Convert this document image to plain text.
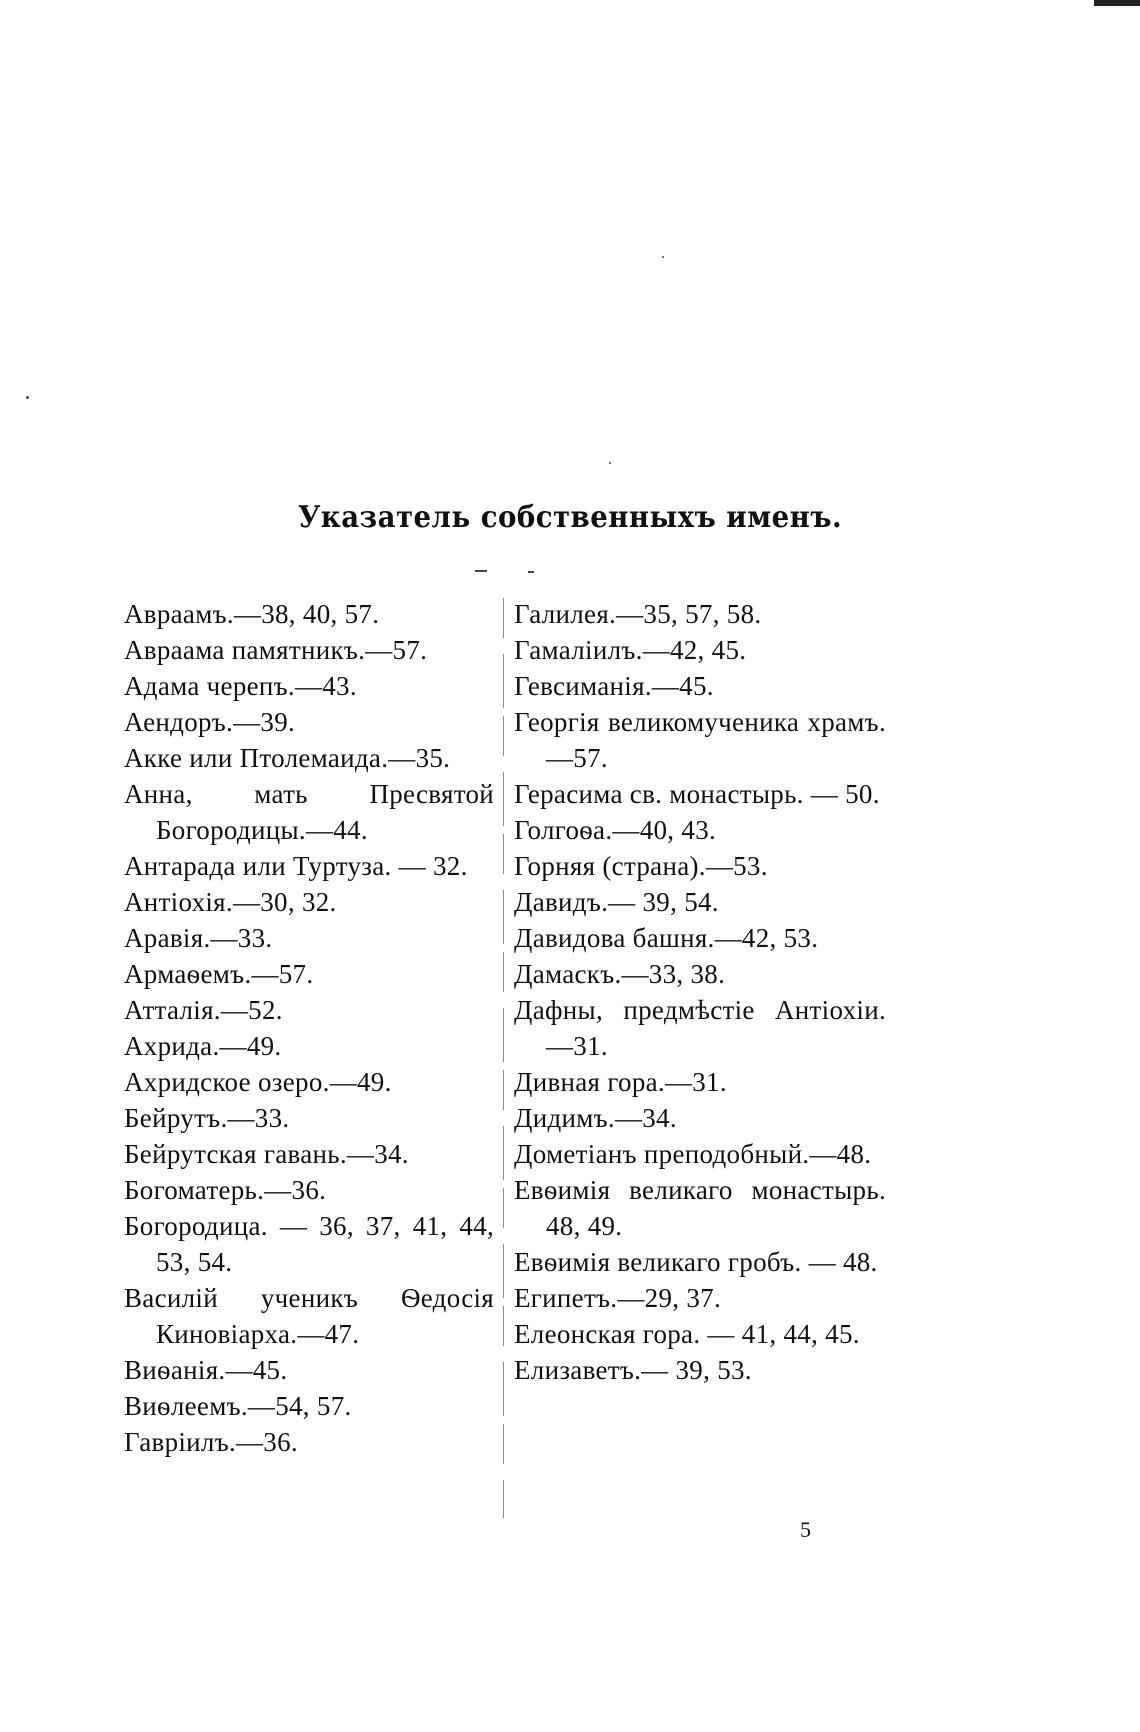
Указатель собственныхъ именъ.
Авраамъ.—38, 40, 57.
Авраама памятникъ.—57.
Адама черепъ.—43.
Аендоръ.—39.
Акке или Птолемаида.—35.
Анна, мать Пресвятой Богородицы.—44.
Антарада или Туртуза. — 32.
Антіохія.—30, 32.
Аравія.—33.
Армаѳемъ.—57.
Атталія.—52.
Ахрида.—49.
Ахридское озеро.—49.
Бейрутъ.—33.
Бейрутская гавань.—34.
Богоматерь.—36.
Богородица. — 36, 37, 41, 44, 53, 54.
Василій ученикъ Ѳедосія Киновіарха.—47.
Виѳанія.—45.
Виѳлеемъ.—54, 57.
Гавріилъ.—36.
Галилея.—35, 57, 58.
Гамаліилъ.—42, 45.
Гевсиманія.—45.
Георгія великомученика храмъ.—57.
Герасима св. монастырь. — 50.
Голгоѳа.—40, 43.
Горняя (страна).—53.
Давидъ.— 39, 54.
Давидова башня.—42, 53.
Дамаскъ.—33, 38.
Дафны, предмѣстіе Антіохіи.—31.
Дивная гора.—31.
Дидимъ.—34.
Дометіанъ преподобный.—48.
Евѳимія великаго монастырь. 48, 49.
Евѳимія великаго гробъ. — 48.
Египетъ.—29, 37.
Елеонская гора. — 41, 44, 45.
Елизаветъ.— 39, 53.
5
